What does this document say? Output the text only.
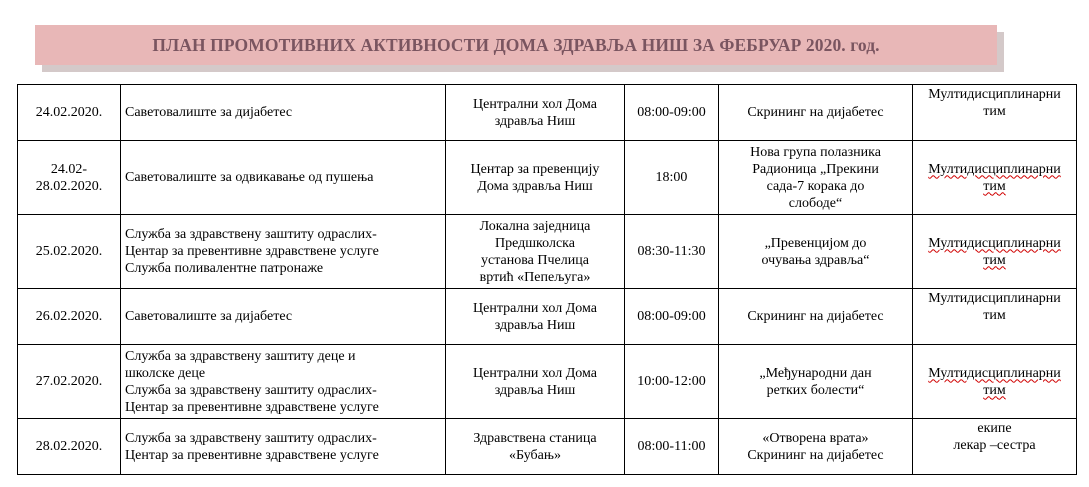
ПЛАН ПРОМОТИВНИХ АКТИВНОСТИ ДОМА ЗДРАВЉА НИШ ЗА ФЕБРУАР 2020. год.
24.02.2020.	Саветовалиште за дијабетес	Централни хол Дома
здравља Ниш	08:00-09:00	Скрининг на дијабетес	Мултидисциплинарни
тим

24.02-
28.02.2020.	Саветовалиште за одвикавање од пушења	Центар за превенцију
Дома здравља Ниш	18:00	Нова група полазника
Радионица „Прекини
сада-7 корака до
слободе“	Мултидисциплинарни
тим

25.02.2020.	Служба за здравствену заштиту одраслих-
Центар за превентивне здравствене услуге
Служба поливалентне патронаже	Локална заједница
Предшколска
установа Пчелица
вртић «Пепељуга»	08:30-11:30	„Превенцијом до
очувања здравља“	Мултидисциплинарни
тим

26.02.2020.	Саветовалиште за дијабетес	Централни хол Дома
здравља Ниш	08:00-09:00	Скрининг на дијабетес	Мултидисциплинарни
тим

27.02.2020.	Служба за здравствену заштиту деце и
школске деце
Служба за здравствену заштиту одраслих-
Центар за превентивне здравствене услуге	Централни хол Дома
здравља Ниш	10:00-12:00	„Међународни дан
ретких болести“	Мултидисциплинарни
тим

28.02.2020.	Служба за здравствену заштиту одраслих-
Центар за превентивне здравствене услуге	Здравствена станица
«Бубањ»	08:00-11:00	«Отворена врата»
Скрининг на дијабетес	екипе
лекар –сестра
